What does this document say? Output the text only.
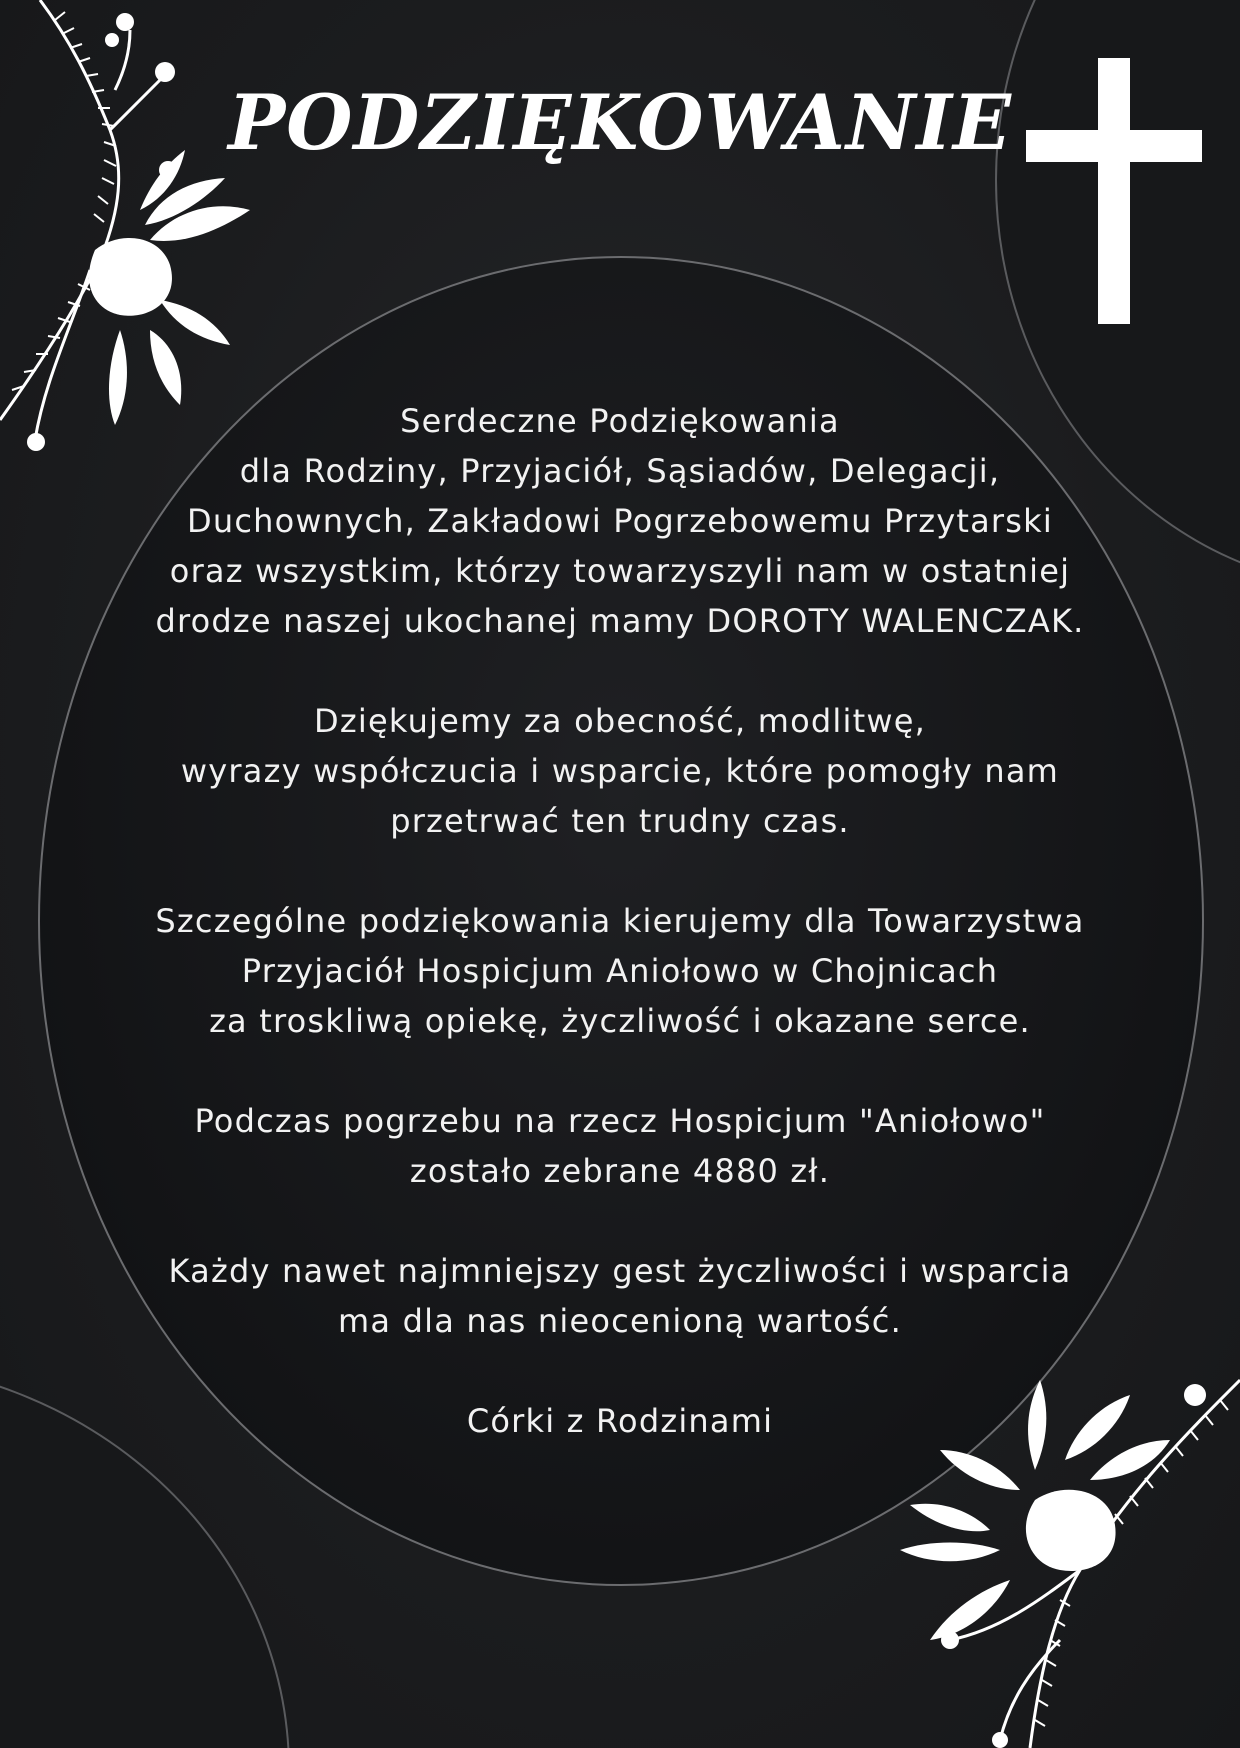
PODZIĘKOWANIE
Serdeczne Podziękowania
dla Rodziny, Przyjaciół, Sąsiadów, Delegacji,
Duchownych, Zakładowi Pogrzebowemu Przytarski
oraz wszystkim, którzy towarzyszyli nam w ostatniej
drodze naszej ukochanej mamy DOROTY WALENCZAK.
Dziękujemy za obecność, modlitwę,
wyrazy współczucia i wsparcie, które pomogły nam
przetrwać ten trudny czas.
Szczególne podziękowania kierujemy dla Towarzystwa
Przyjaciół Hospicjum Aniołowo w Chojnicach
za troskliwą opiekę, życzliwość i okazane serce.
Podczas pogrzebu na rzecz Hospicjum "Aniołowo"
zostało zebrane 4880 zł.
Każdy nawet najmniejszy gest życzliwości i wsparcia
ma dla nas nieocenioną wartość.
Córki z Rodzinami
